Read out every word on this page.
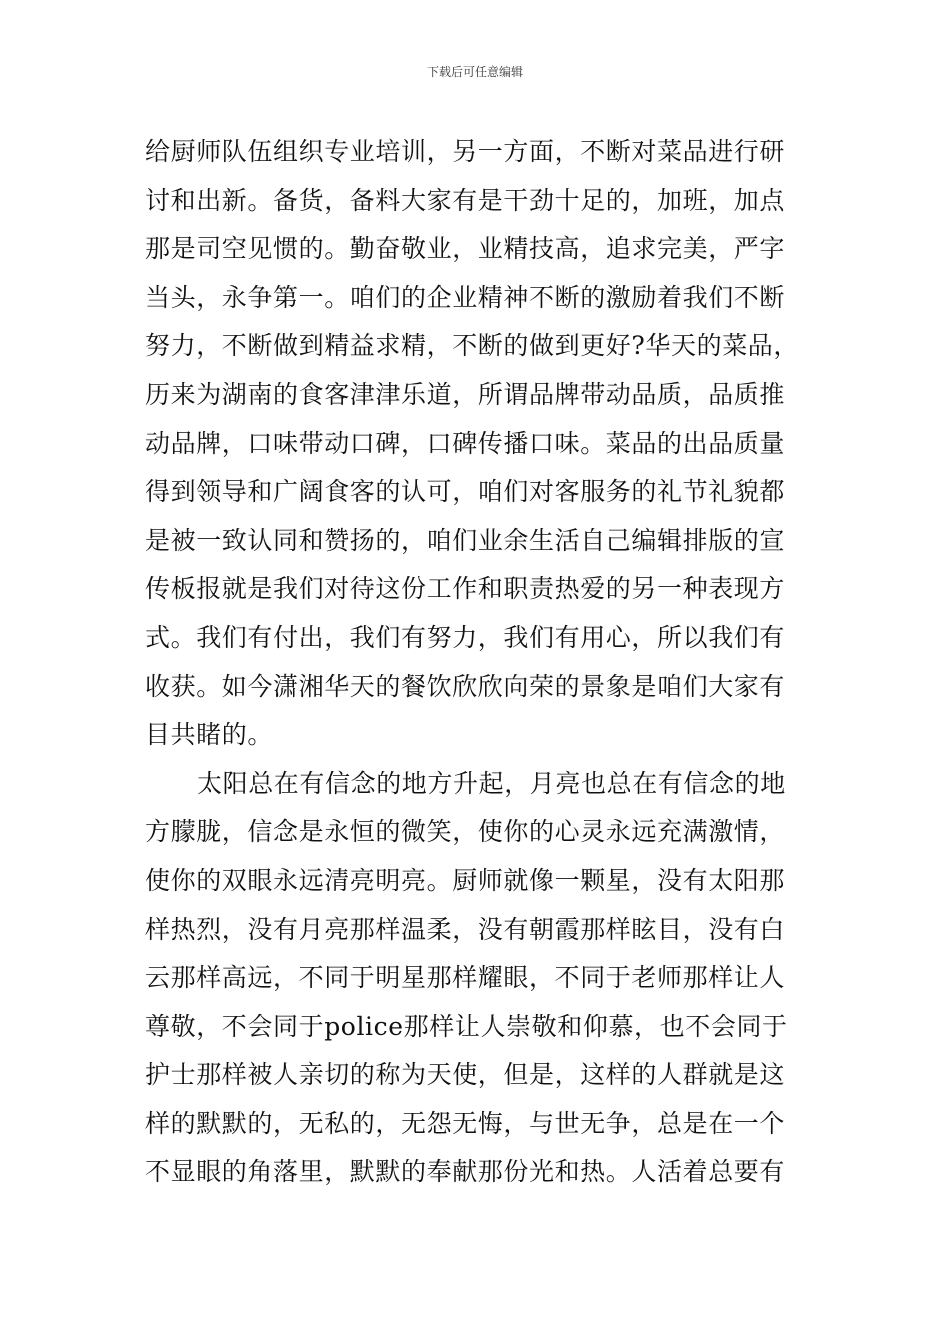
下载后可任意编辑
给厨师队伍组织专业培训，另一方面，不断对菜品进行研
讨和出新。备货，备料大家有是干劲十足的，加班，加点
那是司空见惯的。勤奋敬业，业精技高，追求完美，严字
当头，永争第一。咱们的企业精神不断的激励着我们不断
努力，不断做到精益求精，不断的做到更好?华天的菜品，
历来为湖南的食客津津乐道，所谓品牌带动品质，品质推
动品牌，口味带动口碑，口碑传播口味。菜品的出品质量
得到领导和广阔食客的认可，咱们对客服务的礼节礼貌都
是被一致认同和赞扬的，咱们业余生活自己编辑排版的宣
传板报就是我们对待这份工作和职责热爱的另一种表现方
式。我们有付出，我们有努力，我们有用心，所以我们有
收获。如今潇湘华天的餐饮欣欣向荣的景象是咱们大家有
目共睹的。
太阳总在有信念的地方升起，月亮也总在有信念的地
方朦胧，信念是永恒的微笑，使你的心灵永远充满激情，
使你的双眼永远清亮明亮。厨师就像一颗星，没有太阳那
样热烈，没有月亮那样温柔，没有朝霞那样眩目，没有白
云那样高远，不同于明星那样耀眼，不同于老师那样让人
尊敬，不会同于police那样让人崇敬和仰慕，也不会同于
护士那样被人亲切的称为天使，但是，这样的人群就是这
样的默默的，无私的，无怨无悔，与世无争，总是在一个
不显眼的角落里，默默的奉献那份光和热。人活着总要有
